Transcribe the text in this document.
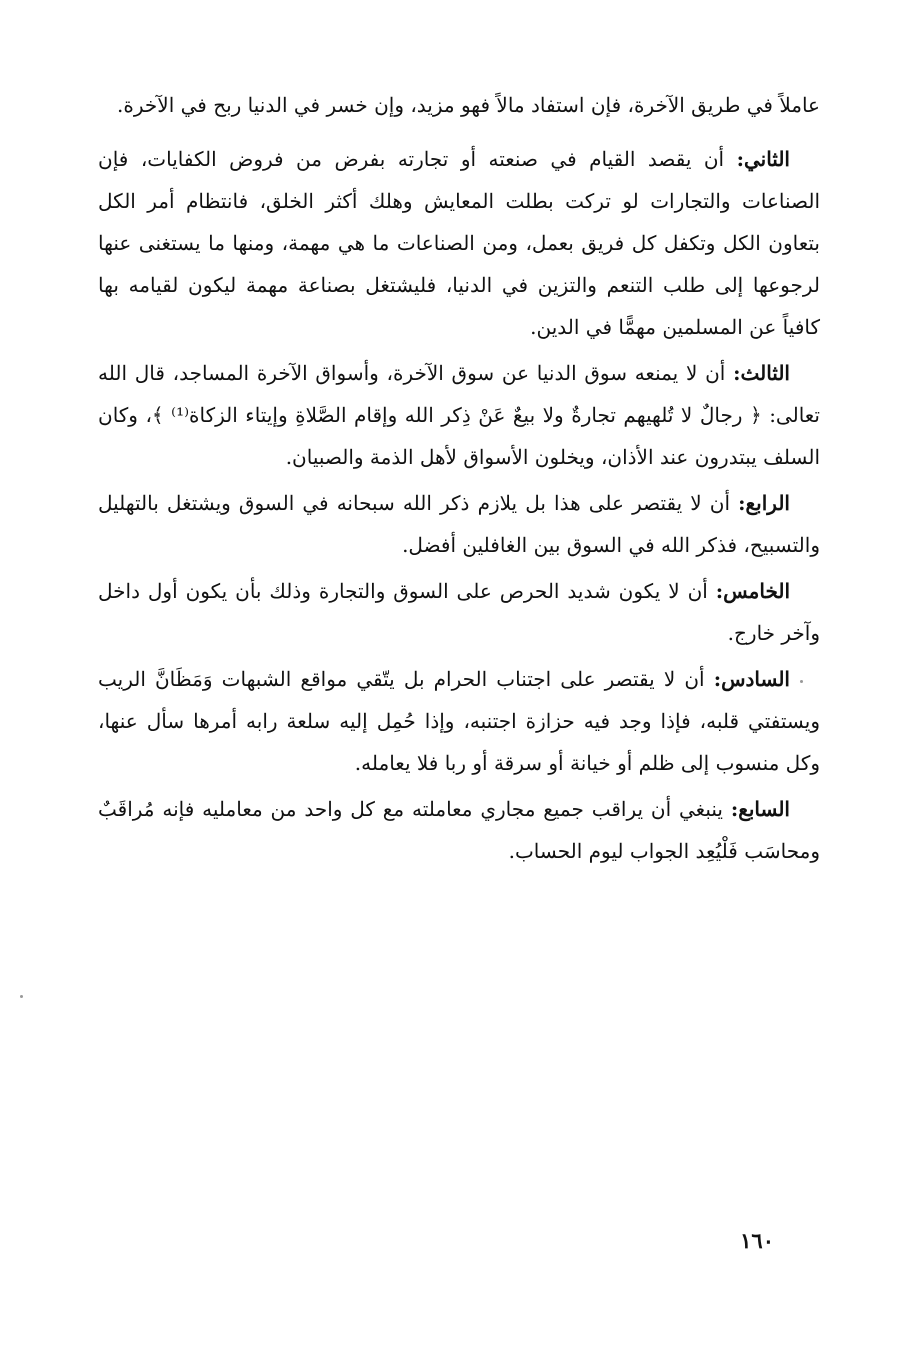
عاملاً في طريق الآخرة، فإن استفاد مالاً فهو مزيد، وإن خسر في الدنيا ربح في الآخرة.

الثاني: أن يقصد القيام في صنعته أو تجارته بفرض من فروض الكفايات، فإن الصناعات والتجارات لو تركت بطلت المعايش وهلك أكثر الخلق، فانتظام أمر الكل بتعاون الكل وتكفل كل فريق بعمل، ومن الصناعات ما هي مهمة، ومنها ما يستغنى عنها لرجوعها إلى طلب التنعم والتزين في الدنيا، فليشتغل بصناعة مهمة ليكون لقيامه بها كافياً عن المسلمين مهمًّا في الدين.

الثالث: أن لا يمنعه سوق الدنيا عن سوق الآخرة، وأسواق الآخرة المساجد، قال الله تعالى: ﴿ رجالٌ لا تُلهيهم تجارةٌ ولا بيعٌ عَنْ ذِكر الله وإقام الصَّلاةِ وإيتاء الزكاة⁽¹⁾ ﴾، وكان السلف يبتدرون عند الأذان، ويخلون الأسواق لأهل الذمة والصبيان.

الرابع: أن لا يقتصر على هذا بل يلازم ذكر الله سبحانه في السوق ويشتغل بالتهليل والتسبيح، فذكر الله في السوق بين الغافلين أفضل.

الخامس: أن لا يكون شديد الحرص على السوق والتجارة وذلك بأن يكون أول داخل وآخر خارج.

السادس: أن لا يقتصر على اجتناب الحرام بل يتّقي مواقع الشبهات وَمَظَانَّ الريب ويستفتي قلبه، فإذا وجد فيه حزازة اجتنبه، وإذا حُمِل إليه سلعة رابه أمرها سأل عنها، وكل منسوب إلى ظلم أو خيانة أو سرقة أو ربا فلا يعامله.

السابع: ينبغي أن يراقب جميع مجاري معاملته مع كل واحد من معامليه فإنه مُراقَبٌ ومحاسَب فَلْيُعِد الجواب ليوم الحساب.

١٦٠
